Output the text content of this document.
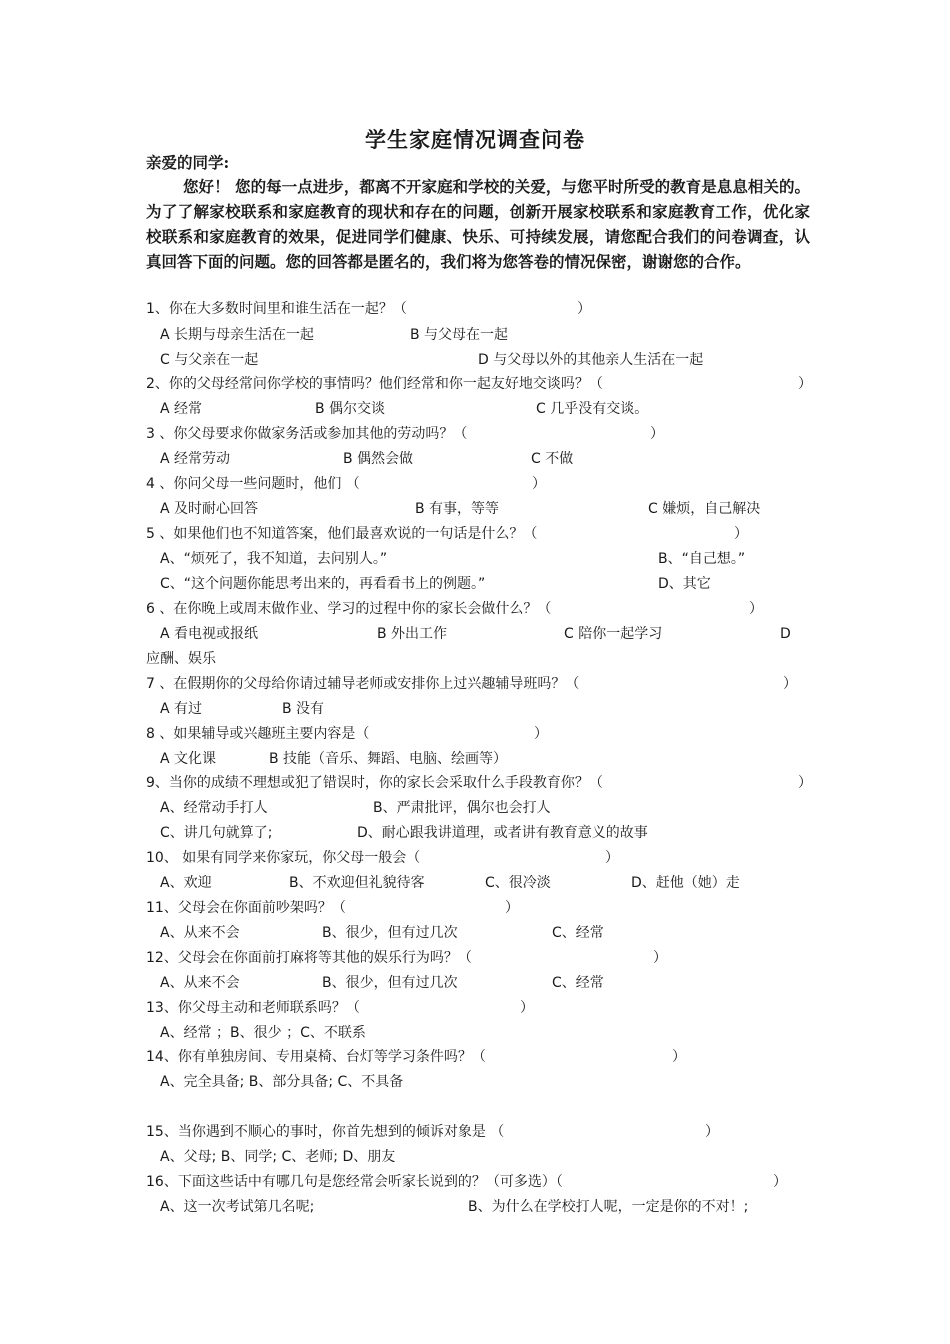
学生家庭情况调查问卷
亲爱的同学:
您好！ 您的每一点进步，都离不开家庭和学校的关爱，与您平时所受的教育是息息相关的。为了了解家校联系和家庭教育的现状和存在的问题，创新开展家校联系和家庭教育工作，优化家校联系和家庭教育的效果，促进同学们健康、快乐、可持续发展，请您配合我们的问卷调查，认真回答下面的问题。您的回答都是匿名的，我们将为您答卷的情况保密，谢谢您的合作。
1、你在大多数时间里和谁生活在一起？（	）
A 长期与母亲生活在一起	B 与父母在一起
C 与父亲在一起	D 与父母以外的其他亲人生活在一起
2、你的父母经常问你学校的事情吗？他们经常和你一起友好地交谈吗？（	）
A 经常	B 偶尔交谈	C 几乎没有交谈。
3 、你父母要求你做家务活或参加其他的劳动吗？（	）
A 经常劳动	B 偶然会做	C 不做
4 、你问父母一些问题时，他们 （	）
A 及时耐心回答	B 有事，等等	C 嫌烦，自己解决
5 、如果他们也不知道答案，他们最喜欢说的一句话是什么？（	）
A、“烦死了，我不知道，去问别人。”	B、“自己想。”
C、“这个问题你能思考出来的，再看看书上的例题。”	D、其它
6 、在你晚上或周末做作业、学习的过程中你的家长会做什么？（	）
A 看电视或报纸	B 外出工作	C 陪你一起学习	D
应酬、娱乐
7 、在假期你的父母给你请过辅导老师或安排你上过兴趣辅导班吗？（	）
A 有过	B 没有
8 、如果辅导或兴趣班主要内容是（	）
A 文化课	B 技能（音乐、舞蹈、电脑、绘画等）
9、当你的成绩不理想或犯了错误时，你的家长会采取什么手段教育你？（	）
A、经常动手打人	B、严肃批评，偶尔也会打人
C、讲几句就算了;	D、耐心跟我讲道理，或者讲有教育意义的故事
10、 如果有同学来你家玩，你父母一般会（	）
A、欢迎	B、不欢迎但礼貌待客	C、很冷淡	D、赶他（她）走
11、父母会在你面前吵架吗？（	）
A、从来不会	B、很少，但有过几次	C、经常
12、父母会在你面前打麻将等其他的娱乐行为吗？（	）
A、从来不会	B、很少，但有过几次	C、经常
13、你父母主动和老师联系吗？（	）
A、经常 ；B、很少 ；C、不联系
14、你有单独房间、专用桌椅、台灯等学习条件吗？（	）
A、完全具备; B、部分具备; C、不具备
15、当你遇到不顺心的事时，你首先想到的倾诉对象是 （	）
A、父母; B、同学; C、老师; D、朋友
16、下面这些话中有哪几句是您经常会听家长说到的？（可多选）（	）
A、这一次考试第几名呢;	B、为什么在学校打人呢，一定是你的不对！;
